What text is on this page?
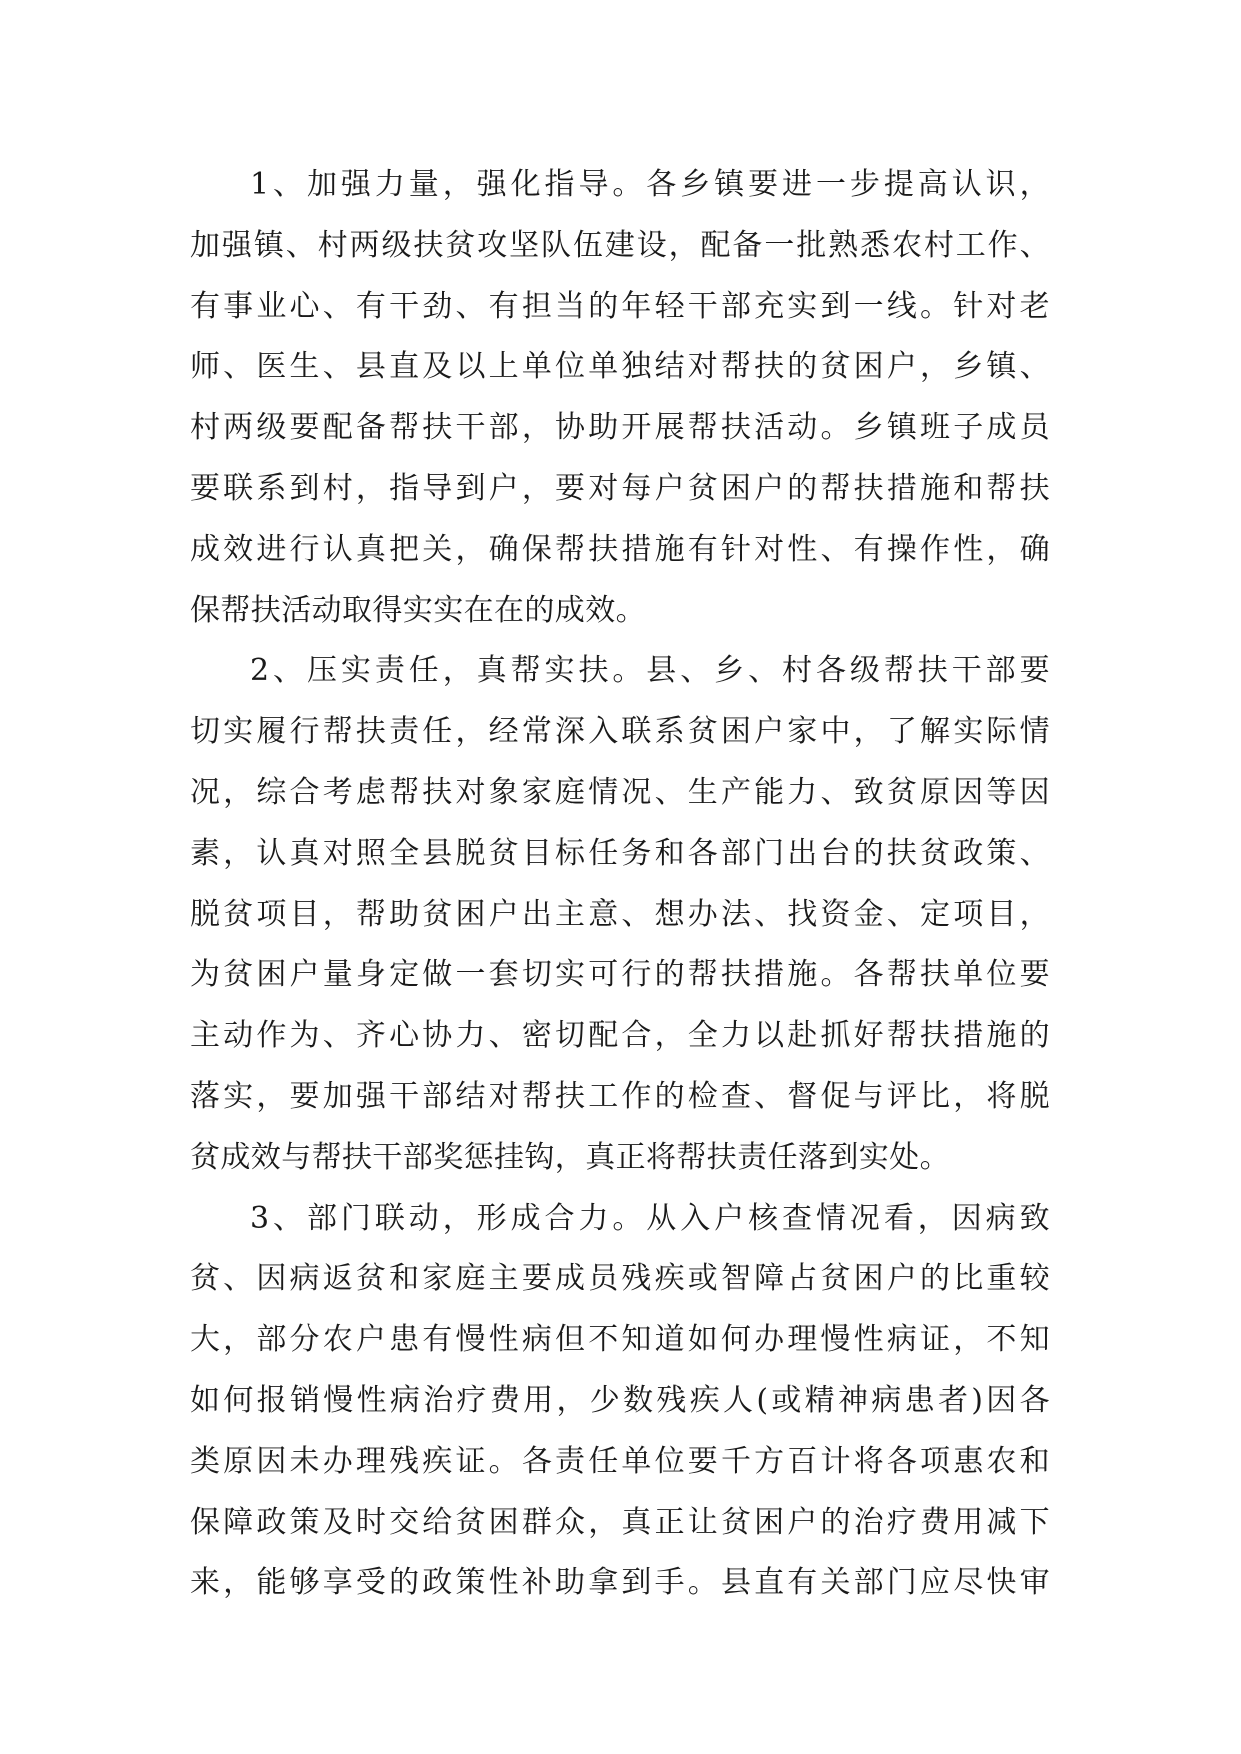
1、加强力量，强化指导。各乡镇要进一步提高认识，
加强镇、村两级扶贫攻坚队伍建设，配备一批熟悉农村工作、
有事业心、有干劲、有担当的年轻干部充实到一线。针对老
师、医生、县直及以上单位单独结对帮扶的贫困户，乡镇、
村两级要配备帮扶干部，协助开展帮扶活动。乡镇班子成员
要联系到村，指导到户，要对每户贫困户的帮扶措施和帮扶
成效进行认真把关，确保帮扶措施有针对性、有操作性，确
保帮扶活动取得实实在在的成效。
2、压实责任，真帮实扶。县、乡、村各级帮扶干部要
切实履行帮扶责任，经常深入联系贫困户家中，了解实际情
况，综合考虑帮扶对象家庭情况、生产能力、致贫原因等因
素，认真对照全县脱贫目标任务和各部门出台的扶贫政策、
脱贫项目，帮助贫困户出主意、想办法、找资金、定项目，
为贫困户量身定做一套切实可行的帮扶措施。各帮扶单位要
主动作为、齐心协力、密切配合，全力以赴抓好帮扶措施的
落实，要加强干部结对帮扶工作的检查、督促与评比，将脱
贫成效与帮扶干部奖惩挂钩，真正将帮扶责任落到实处。
3、部门联动，形成合力。从入户核查情况看，因病致
贫、因病返贫和家庭主要成员残疾或智障占贫困户的比重较
大，部分农户患有慢性病但不知道如何办理慢性病证，不知
如何报销慢性病治疗费用，少数残疾人(或精神病患者)因各
类原因未办理残疾证。各责任单位要千方百计将各项惠农和
保障政策及时交给贫困群众，真正让贫困户的治疗费用减下
来，能够享受的政策性补助拿到手。县直有关部门应尽快审
